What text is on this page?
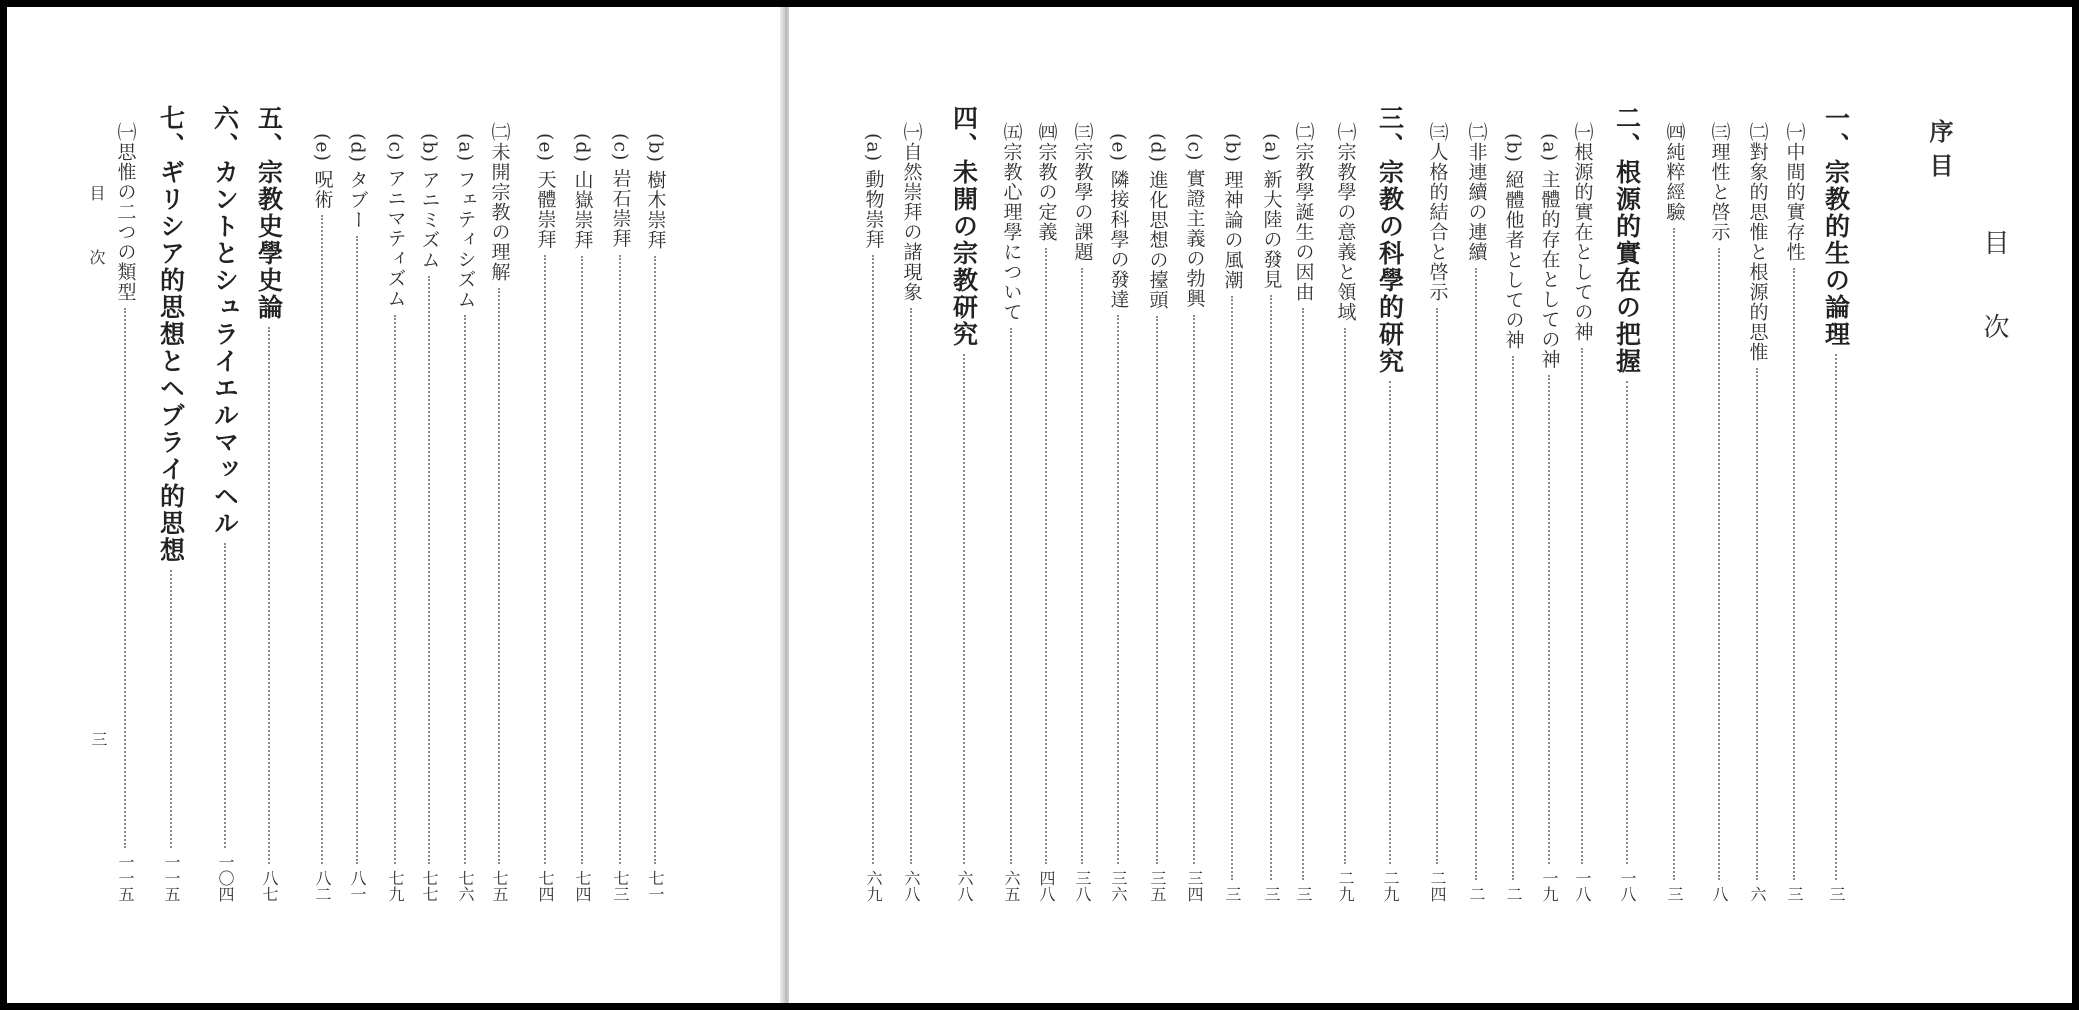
目次
三
目次
序目
一、宗教的生の論理
三
㈠中間的實存性
三
㈡對象的思惟と根源的思惟
六
㈢理性と啓示
八
㈣純粹經驗
三
二、根源的實在の把握
一八
㈠根源的實在としての神
一八
(a) 主體的存在としての神
一九
(b) 絕體他者としての神
二
㈡非連續の連續
二
㈢人格的結合と啓示
二四
三、宗教の科學的研究
二九
㈠宗教學の意義と領域
二九
㈡宗教學誕生の因由
三
(a) 新大陸の發見
三
(b) 理神論の風潮
三
(c) 實證主義の勃興
三四
(d) 進化思想の擡頭
三五
(e) 隣接科學の發達
三六
㈢宗教學の課題
三八
㈣宗教の定義
四八
㈤宗教心理學について
六五
四、未開の宗教研究
六八
㈠自然崇拜の諸現象
六八
(a) 動物崇拜
六九
(b) 樹木崇拜
七一
(c) 岩石崇拜
七三
(d) 山嶽崇拜
七四
(e) 天體崇拜
七四
㈡未開宗教の理解
七五
(a) フェティシズム
七六
(b) アニミズム
七七
(c) アニマティズム
七九
(d) タブー
八一
(e) 呪術
八二
五、宗教史學史論
八七
六、カントとシュライエルマッヘル
一〇四
七、ギリシア的思想とヘブライ的思想
一一五
㈠思惟の二つの類型
一一五
